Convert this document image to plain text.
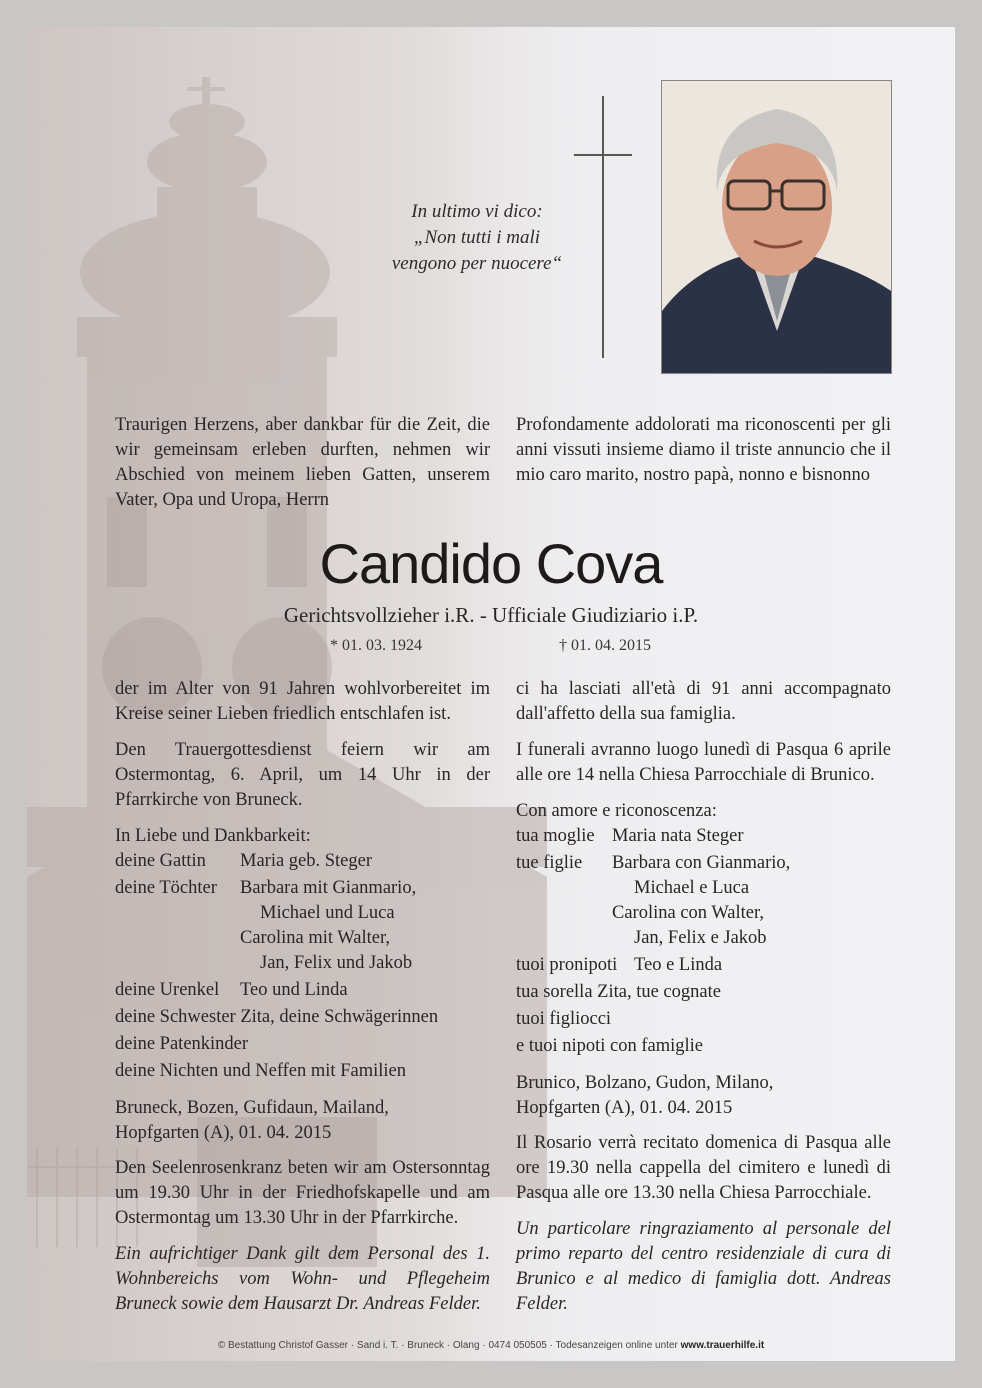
In ultimo vi dico:
„Non tutti i mali
vengono per nuocere“
Traurigen Herzens, aber dankbar für die Zeit, die wir gemeinsam erleben durften, nehmen wir Abschied von meinem lieben Gatten, unserem Vater, Opa und Uropa, Herrn
Profondamente addolorati ma riconoscenti per gli anni vissuti insieme diamo il triste annuncio che il mio caro marito, nostro papà, nonno e bisnonno
Candido Cova
Gerichtsvollzieher i.R. - Ufficiale Giudiziario i.P.
* 01. 03. 1924	† 01. 04. 2015

der im Alter von 91 Jahren wohlvorbereitet im Kreise seiner Lieben friedlich entschlafen ist.

Den Trauergottesdienst feiern wir am Ostermontag, 6. April, um 14 Uhr in der Pfarrkirche von Bruneck.

In Liebe und Dankbarkeit:
deine Gattin Maria geb. Steger
deine Töchter Barbara mit Gianmario,
Michael und Luca
Carolina mit Walter,
Jan, Felix und Jakob
deine Urenkel Teo und Linda
deine Schwester Zita, deine Schwägerinnen
deine Patenkinder
deine Nichten und Neffen mit Familien
Bruneck, Bozen, Gufidaun, Mailand,
Hopfgarten (A), 01. 04. 2015

Den Seelenrosenkranz beten wir am Ostersonntag um 19.30 Uhr in der Friedhofskapelle und am Ostermontag um 13.30 Uhr in der Pfarrkirche.

Ein aufrichtiger Dank gilt dem Personal des 1. Wohnbereichs vom Wohn- und Pflegeheim Bruneck sowie dem Hausarzt Dr. Andreas Felder.

ci ha lasciati all'età di 91 anni accompagnato dall'affetto della sua famiglia.

I funerali avranno luogo lunedì di Pasqua 6 aprile alle ore 14 nella Chiesa Parrocchiale di Brunico.

Con amore e riconoscenza:
tua moglie Maria nata Steger
tue figlie Barbara con Gianmario,
Michael e Luca
Carolina con Walter,
Jan, Felix e Jakob
tuoi pronipoti Teo e Linda
tua sorella Zita, tue cognate
tuoi figliocci
e tuoi nipoti con famiglie
Brunico, Bolzano, Gudon, Milano,
Hopfgarten (A), 01. 04. 2015

Il Rosario verrà recitato domenica di Pasqua alle ore 19.30 nella cappella del cimitero e lunedì di Pasqua alle ore 13.30 nella Chiesa Parrocchiale.

Un particolare ringraziamento al personale del primo reparto del centro residenziale di cura di Brunico e al medico di famiglia dott. Andreas Felder.

© Bestattung Christof Gasser · Sand i. T. · Bruneck · Olang · 0474 050505 · Todesanzeigen online unter www.trauerhilfe.it
